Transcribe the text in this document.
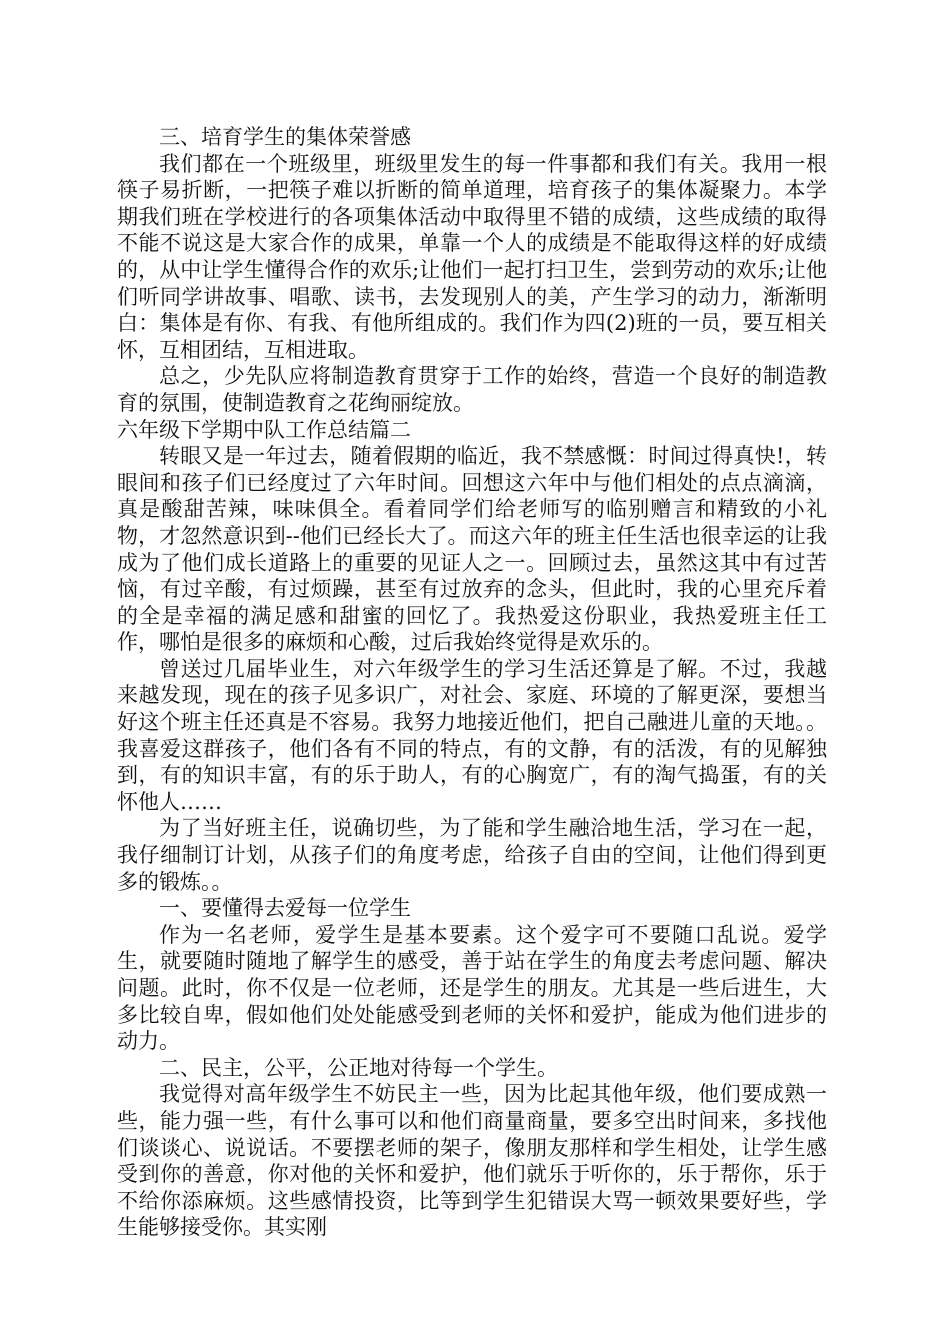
三、培育学生的集体荣誉感

我们都在一个班级里，班级里发生的每一件事都和我们有关。我用一根筷子易折断，一把筷子难以折断的简单道理，培育孩子的集体凝聚力。本学期我们班在学校进行的各项集体活动中取得里不错的成绩，这些成绩的取得不能不说这是大家合作的成果，单靠一个人的成绩是不能取得这样的好成绩的，从中让学生懂得合作的欢乐;让他们一起打扫卫生，尝到劳动的欢乐;让他们听同学讲故事、唱歌、读书，去发现别人的美，产生学习的动力，渐渐明白：集体是有你、有我、有他所组成的。我们作为四(2)班的一员，要互相关怀，互相团结，互相进取。

总之，少先队应将制造教育贯穿于工作的始终，营造一个良好的制造教育的氛围，使制造教育之花绚丽绽放。

六年级下学期中队工作总结篇二

转眼又是一年过去，随着假期的临近，我不禁感慨：时间过得真快!，转眼间和孩子们已经度过了六年时间。回想这六年中与他们相处的点点滴滴，真是酸甜苦辣，味味俱全。看着同学们给老师写的临别赠言和精致的小礼物，才忽然意识到--他们已经长大了。而这六年的班主任生活也很幸运的让我成为了他们成长道路上的重要的见证人之一。回顾过去，虽然这其中有过苦恼，有过辛酸，有过烦躁，甚至有过放弃的念头，但此时，我的心里充斥着的全是幸福的满足感和甜蜜的回忆了。我热爱这份职业，我热爱班主任工作，哪怕是很多的麻烦和心酸，过后我始终觉得是欢乐的。

曾送过几届毕业生，对六年级学生的学习生活还算是了解。不过，我越来越发现，现在的孩子见多识广，对社会、家庭、环境的了解更深，要想当好这个班主任还真是不容易。我努力地接近他们，把自己融进儿童的天地。。我喜爱这群孩子，他们各有不同的特点，有的文静，有的活泼，有的见解独到，有的知识丰富，有的乐于助人，有的心胸宽广，有的淘气捣蛋，有的关怀他人……

为了当好班主任，说确切些，为了能和学生融洽地生活，学习在一起，我仔细制订计划，从孩子们的角度考虑，给孩子自由的空间，让他们得到更多的锻炼。。

一、要懂得去爱每一位学生

作为一名老师，爱学生是基本要素。这个爱字可不要随口乱说。爱学生，就要随时随地了解学生的感受，善于站在学生的角度去考虑问题、解决问题。此时，你不仅是一位老师，还是学生的朋友。尤其是一些后进生，大多比较自卑，假如他们处处能感受到老师的关怀和爱护，能成为他们进步的动力。

二、民主，公平，公正地对待每一个学生。

我觉得对高年级学生不妨民主一些，因为比起其他年级，他们要成熟一些，能力强一些，有什么事可以和他们商量商量，要多空出时间来，多找他们谈谈心、说说话。不要摆老师的架子，像朋友那样和学生相处，让学生感受到你的善意，你对他的关怀和爱护，他们就乐于听你的，乐于帮你，乐于不给你添麻烦。这些感情投资，比等到学生犯错误大骂一顿效果要好些，学生能够接受你。其实刚
